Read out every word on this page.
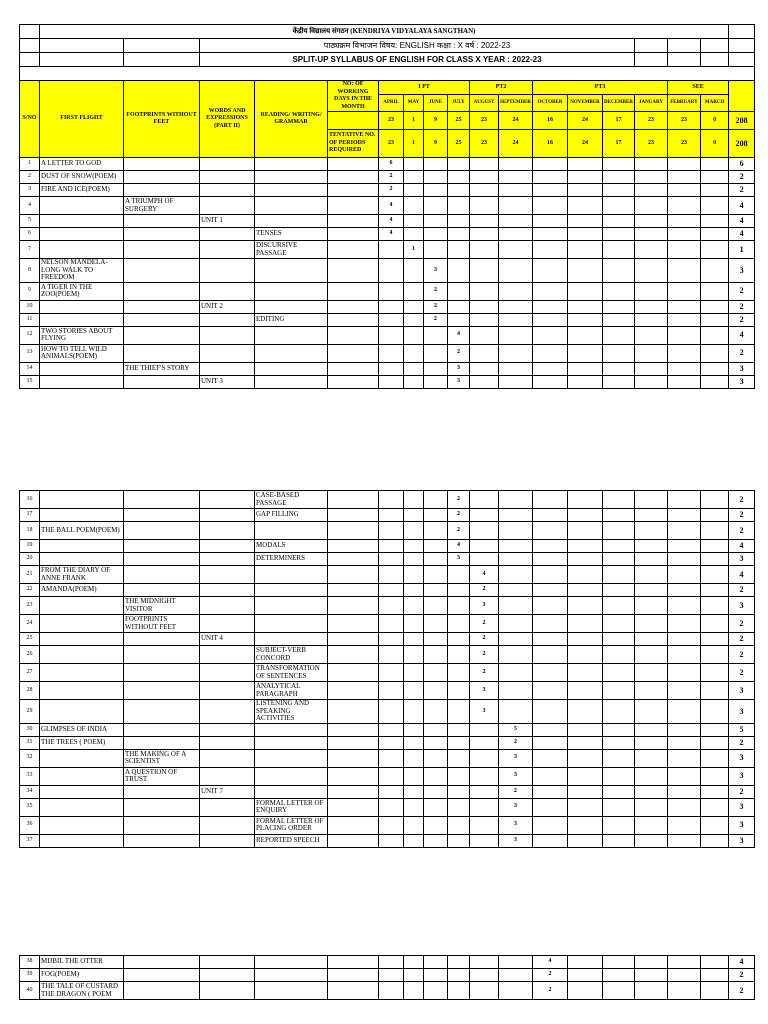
	केंद्रीय विद्यालय संगठन (KENDRIYA VIDYALAYA SANGTHAN)																	
			पाठ्यक्रम विभाजन विषय: ENGLISH कक्षा : X वर्ष : 2022-23															
			SPLIT-UP SYLLABUS OF ENGLISH FOR CLASS X YEAR : 2022-23															

S/NO	FIRST FLIGHT	FOOTPRINTS WITHOUT FEET	WORDS AND EXPRESSIONS (PART II)	READING/ WRITING/ GRAMMAR	NO: OF WORKING DAYS IN THE MONTH	I PT				PT2		PT3				SEE		
						APRIL	MAY	JUNE	JULY	AUGUST	SEPTEMBER	OCTOBER	NOVEMBER	DECEMBER	JANUARY	FEBRUARY	MARCH	
						23	1	9	25	23	24	16	24	17	23	23	0	208
					TENTATIVE NO. OF PERIODS REQUIRED	23	1	9	25	23	24	16	24	17	23	23	0	208
1	A LETTER TO GOD					6												6
2	DUST OF SNOW(POEM)					2												2
3	FIRE AND ICE(POEM)					2												2
4		A TRIUMPH OF SURGERY				4												4
5			UNIT 1			4												4
6				TENSES		4												4
7				DISCURSIVE PASSAGE			1											1
8	NELSON MANDELA- LONG WALK TO FREEDOM							3										3
9	A TIGER IN THE ZOO(POEM)							2										2
10			UNIT 2					2										2
11				EDITING				2										2
12	TWO STORIES ABOUT FLYING								4									4
13	HOW TO TELL WILD ANIMALS(POEM)								2									2
14		THE THIEF'S STORY							3									3
15			UNIT 3						3									3
16				CASE-BASED PASSAGE					2									2
17				GAP FILLING					2									2
18	THE BALL POEM(POEM)								2									2
19				MODALS					4									4
20				DETERMINERS					3									3
21	FROM THE DIARY OF ANNE FRANK									4								4
22	AMANDA(POEM)									2								2
23		THE MIDNIGHT VISITOR								3								3
24		FOOTPRINTS WITHOUT FEET								2								2
25			UNIT 4							2								2
26				SUBJECT-VERB CONCORD						2								2
27				TRANSFORMATION OF SENTENCES						2								2
28				ANALYTICAL PARAGRAPH						3								3
29				LISTENING AND SPEAKING ACTIVITIES						3								3
30	GLIMPSES OF INDIA										5							5
31	THE TREES ( POEM)										2							2
32		THE MAKING OF A SCIENTIST									3							3
33		A QUESTION OF TRUST									3							3
34			UNIT 7								2							2
35				FORMAL LETTER OF ENQUIRY							3							3
36				FORMAL LETTER OF PLACING ORDER							3							3
37				REPORTED SPEECH							3							3
38	MIJBIL THE OTTER											4						4
39	FOG(POEM)											2						2
40	THE TALE OF CUSTARD THE DRAGON ( POEM											2						2
